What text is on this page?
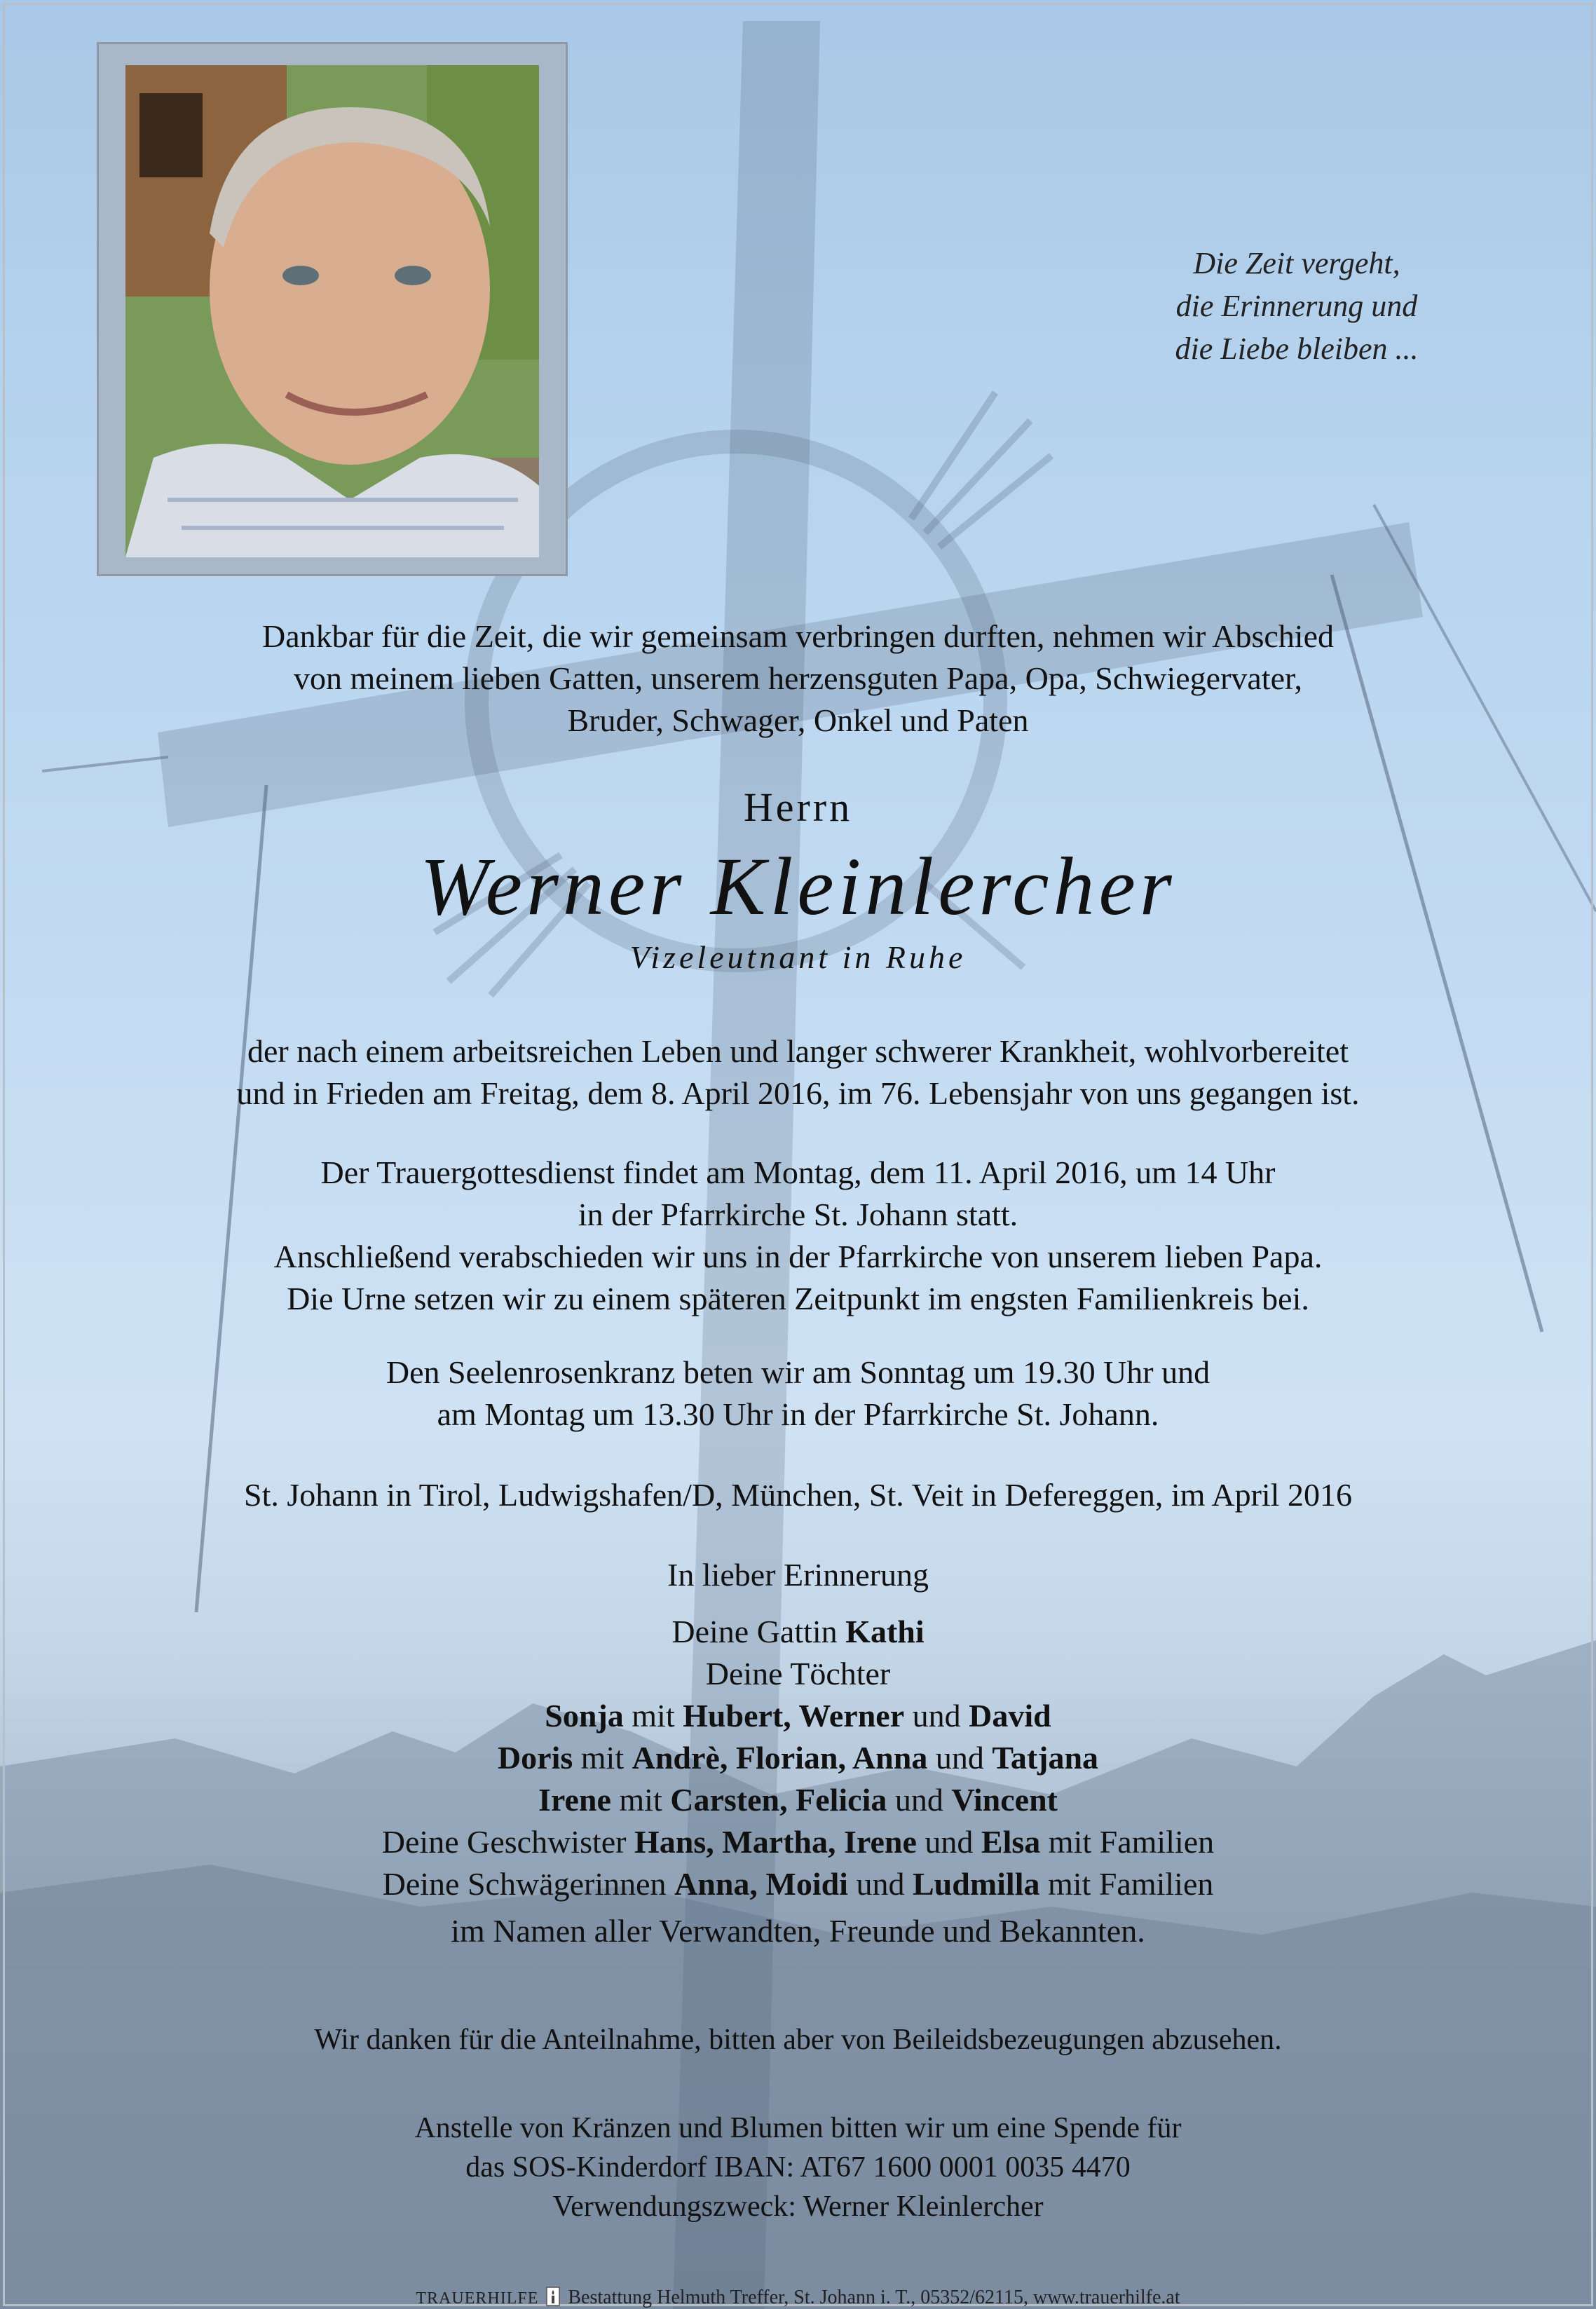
Die Zeit vergeht,
die Erinnerung und
die Liebe bleiben ...
Dankbar für die Zeit, die wir gemeinsam verbringen durften, nehmen wir Abschied
von meinem lieben Gatten, unserem herzensguten Papa, Opa, Schwiegervater,
Bruder, Schwager, Onkel und Paten
Herrn
Werner Kleinlercher
Vizeleutnant in Ruhe
der nach einem arbeitsreichen Leben und langer schwerer Krankheit, wohlvorbereitet
und in Frieden am Freitag, dem 8. April 2016, im 76. Lebensjahr von uns gegangen ist.
Der Trauergottesdienst findet am Montag, dem 11. April 2016, um 14 Uhr
in der Pfarrkirche St. Johann statt.
Anschließend verabschieden wir uns in der Pfarrkirche von unserem lieben Papa.
Die Urne setzen wir zu einem späteren Zeitpunkt im engsten Familienkreis bei.
Den Seelenrosenkranz beten wir am Sonntag um 19.30 Uhr und
am Montag um 13.30 Uhr in der Pfarrkirche St. Johann.
St. Johann in Tirol, Ludwigshafen/D, München, St. Veit in Defereggen, im April 2016
In lieber Erinnerung
Deine Gattin Kathi
Deine Töchter
Sonja mit Hubert, Werner und David
Doris mit Andrè, Florian, Anna und Tatjana
Irene mit Carsten, Felicia und Vincent
Deine Geschwister Hans, Martha, Irene und Elsa mit Familien
Deine Schwägerinnen Anna, Moidi und Ludmilla mit Familien
im Namen aller Verwandten, Freunde und Bekannten.
Wir danken für die Anteilnahme, bitten aber von Beileidsbezeugungen abzusehen.
Anstelle von Kränzen und Blumen bitten wir um eine Spende für
das SOS-Kinderdorf IBAN: AT67 1600 0001 0035 4470
Verwendungszweck: Werner Kleinlercher
TRAUERHILFE Bestattung Helmuth Treffer, St. Johann i. T., 05352/62115, www.trauerhilfe.at
